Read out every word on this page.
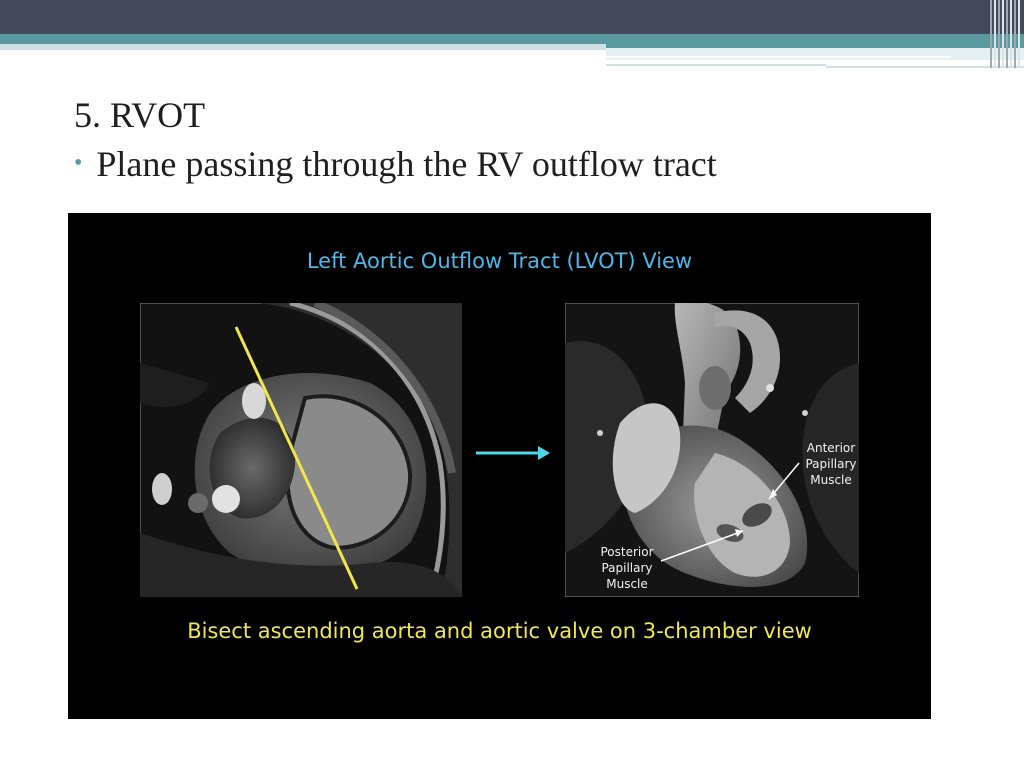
5. RVOT
• Plane passing through the RV outflow tract
Left Aortic Outflow Tract (LVOT) View
Anterior
Papillary
Muscle
Posterior
Papillary
Muscle
Bisect ascending aorta and aortic valve on 3-chamber view
